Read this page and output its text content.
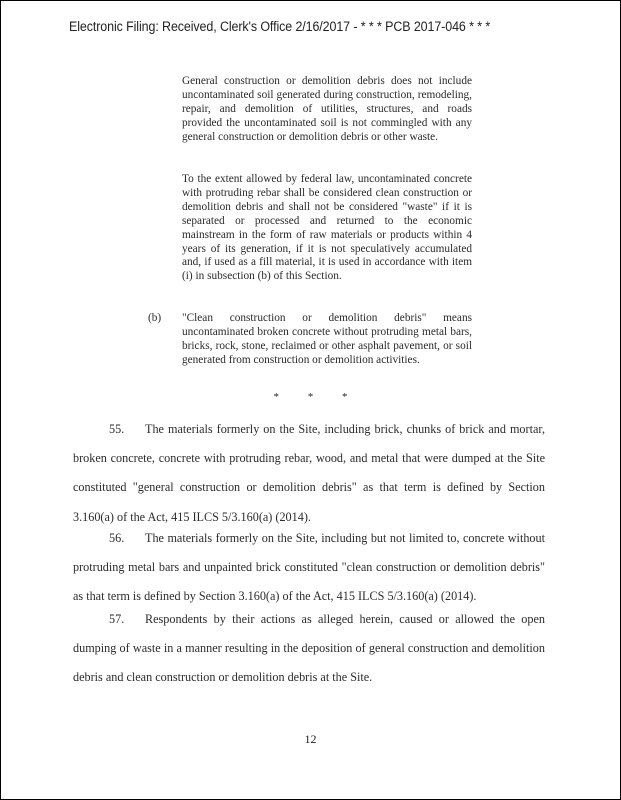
Electronic Filing: Received, Clerk's Office 2/16/2017 - * * * PCB 2017-046 * * *
General construction or demolition debris does not include uncontaminated soil generated during construction, remodeling, repair, and demolition of utilities, structures, and roads provided the uncontaminated soil is not commingled with any general construction or demolition debris or other waste.
To the extent allowed by federal law, uncontaminated concrete with protruding rebar shall be considered clean construction or demolition debris and shall not be considered "waste" if it is separated or processed and returned to the economic mainstream in the form of raw materials or products within 4 years of its generation, if it is not speculatively accumulated and, if used as a fill material, it is used in accordance with item (i) in subsection (b) of this Section.
(b) "Clean construction or demolition debris" means uncontaminated broken concrete without protruding metal bars, bricks, rock, stone, reclaimed or other asphalt pavement, or soil generated from construction or demolition activities.
* * *
55. The materials formerly on the Site, including brick, chunks of brick and mortar, broken concrete, concrete with protruding rebar, wood, and metal that were dumped at the Site constituted "general construction or demolition debris" as that term is defined by Section 3.160(a) of the Act, 415 ILCS 5/3.160(a) (2014).
56. The materials formerly on the Site, including but not limited to, concrete without protruding metal bars and unpainted brick constituted "clean construction or demolition debris" as that term is defined by Section 3.160(a) of the Act, 415 ILCS 5/3.160(a) (2014).
57. Respondents by their actions as alleged herein, caused or allowed the open dumping of waste in a manner resulting in the deposition of general construction and demolition debris and clean construction or demolition debris at the Site.
12
